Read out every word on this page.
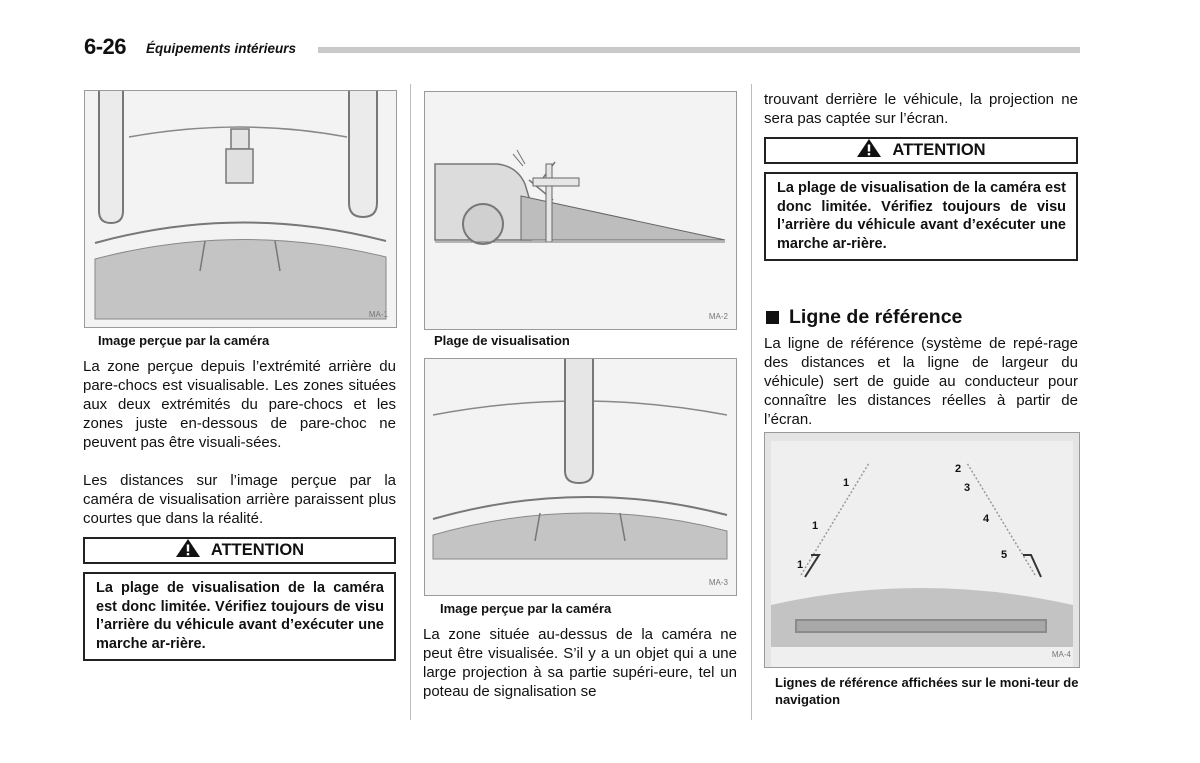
6-26 Équipements intérieurs
MA-1
Image perçue par la caméra

La zone perçue depuis l’extrémité arrière du pare-chocs est visualisable. Les zones situées aux deux extrémités du pare-chocs et les zones juste en-dessous de pare-choc ne peuvent pas être visuali-sées.

Les distances sur l’image perçue par la caméra de visualisation arrière paraissent plus courtes que dans la réalité.

ATTENTION
La plage de visualisation de la caméra est donc limitée. Vérifiez toujours de visu l’arrière du véhicule avant d’exécuter une marche ar-rière.
MA-2
Plage de visualisation
MA-3
Image perçue par la caméra

La zone située au-dessus de la caméra ne peut être visualisée. S’il y a un objet qui a une large projection à sa partie supéri-eure, tel un poteau de signalisation se

trouvant derrière le véhicule, la projection ne sera pas captée sur l’écran.

ATTENTION
La plage de visualisation de la caméra est donc limitée. Vérifiez toujours de visu l’arrière du véhicule avant d’exécuter une marche ar-rière.
Ligne de référence

La ligne de référence (système de repé-rage des distances et la ligne de largeur du véhicule) sert de guide au conducteur pour connaître les distances réelles à partir de l’écran.

1
1
1
2
3
4
5
MA-4
Lignes de référence affichées sur le moni-teur de navigation
